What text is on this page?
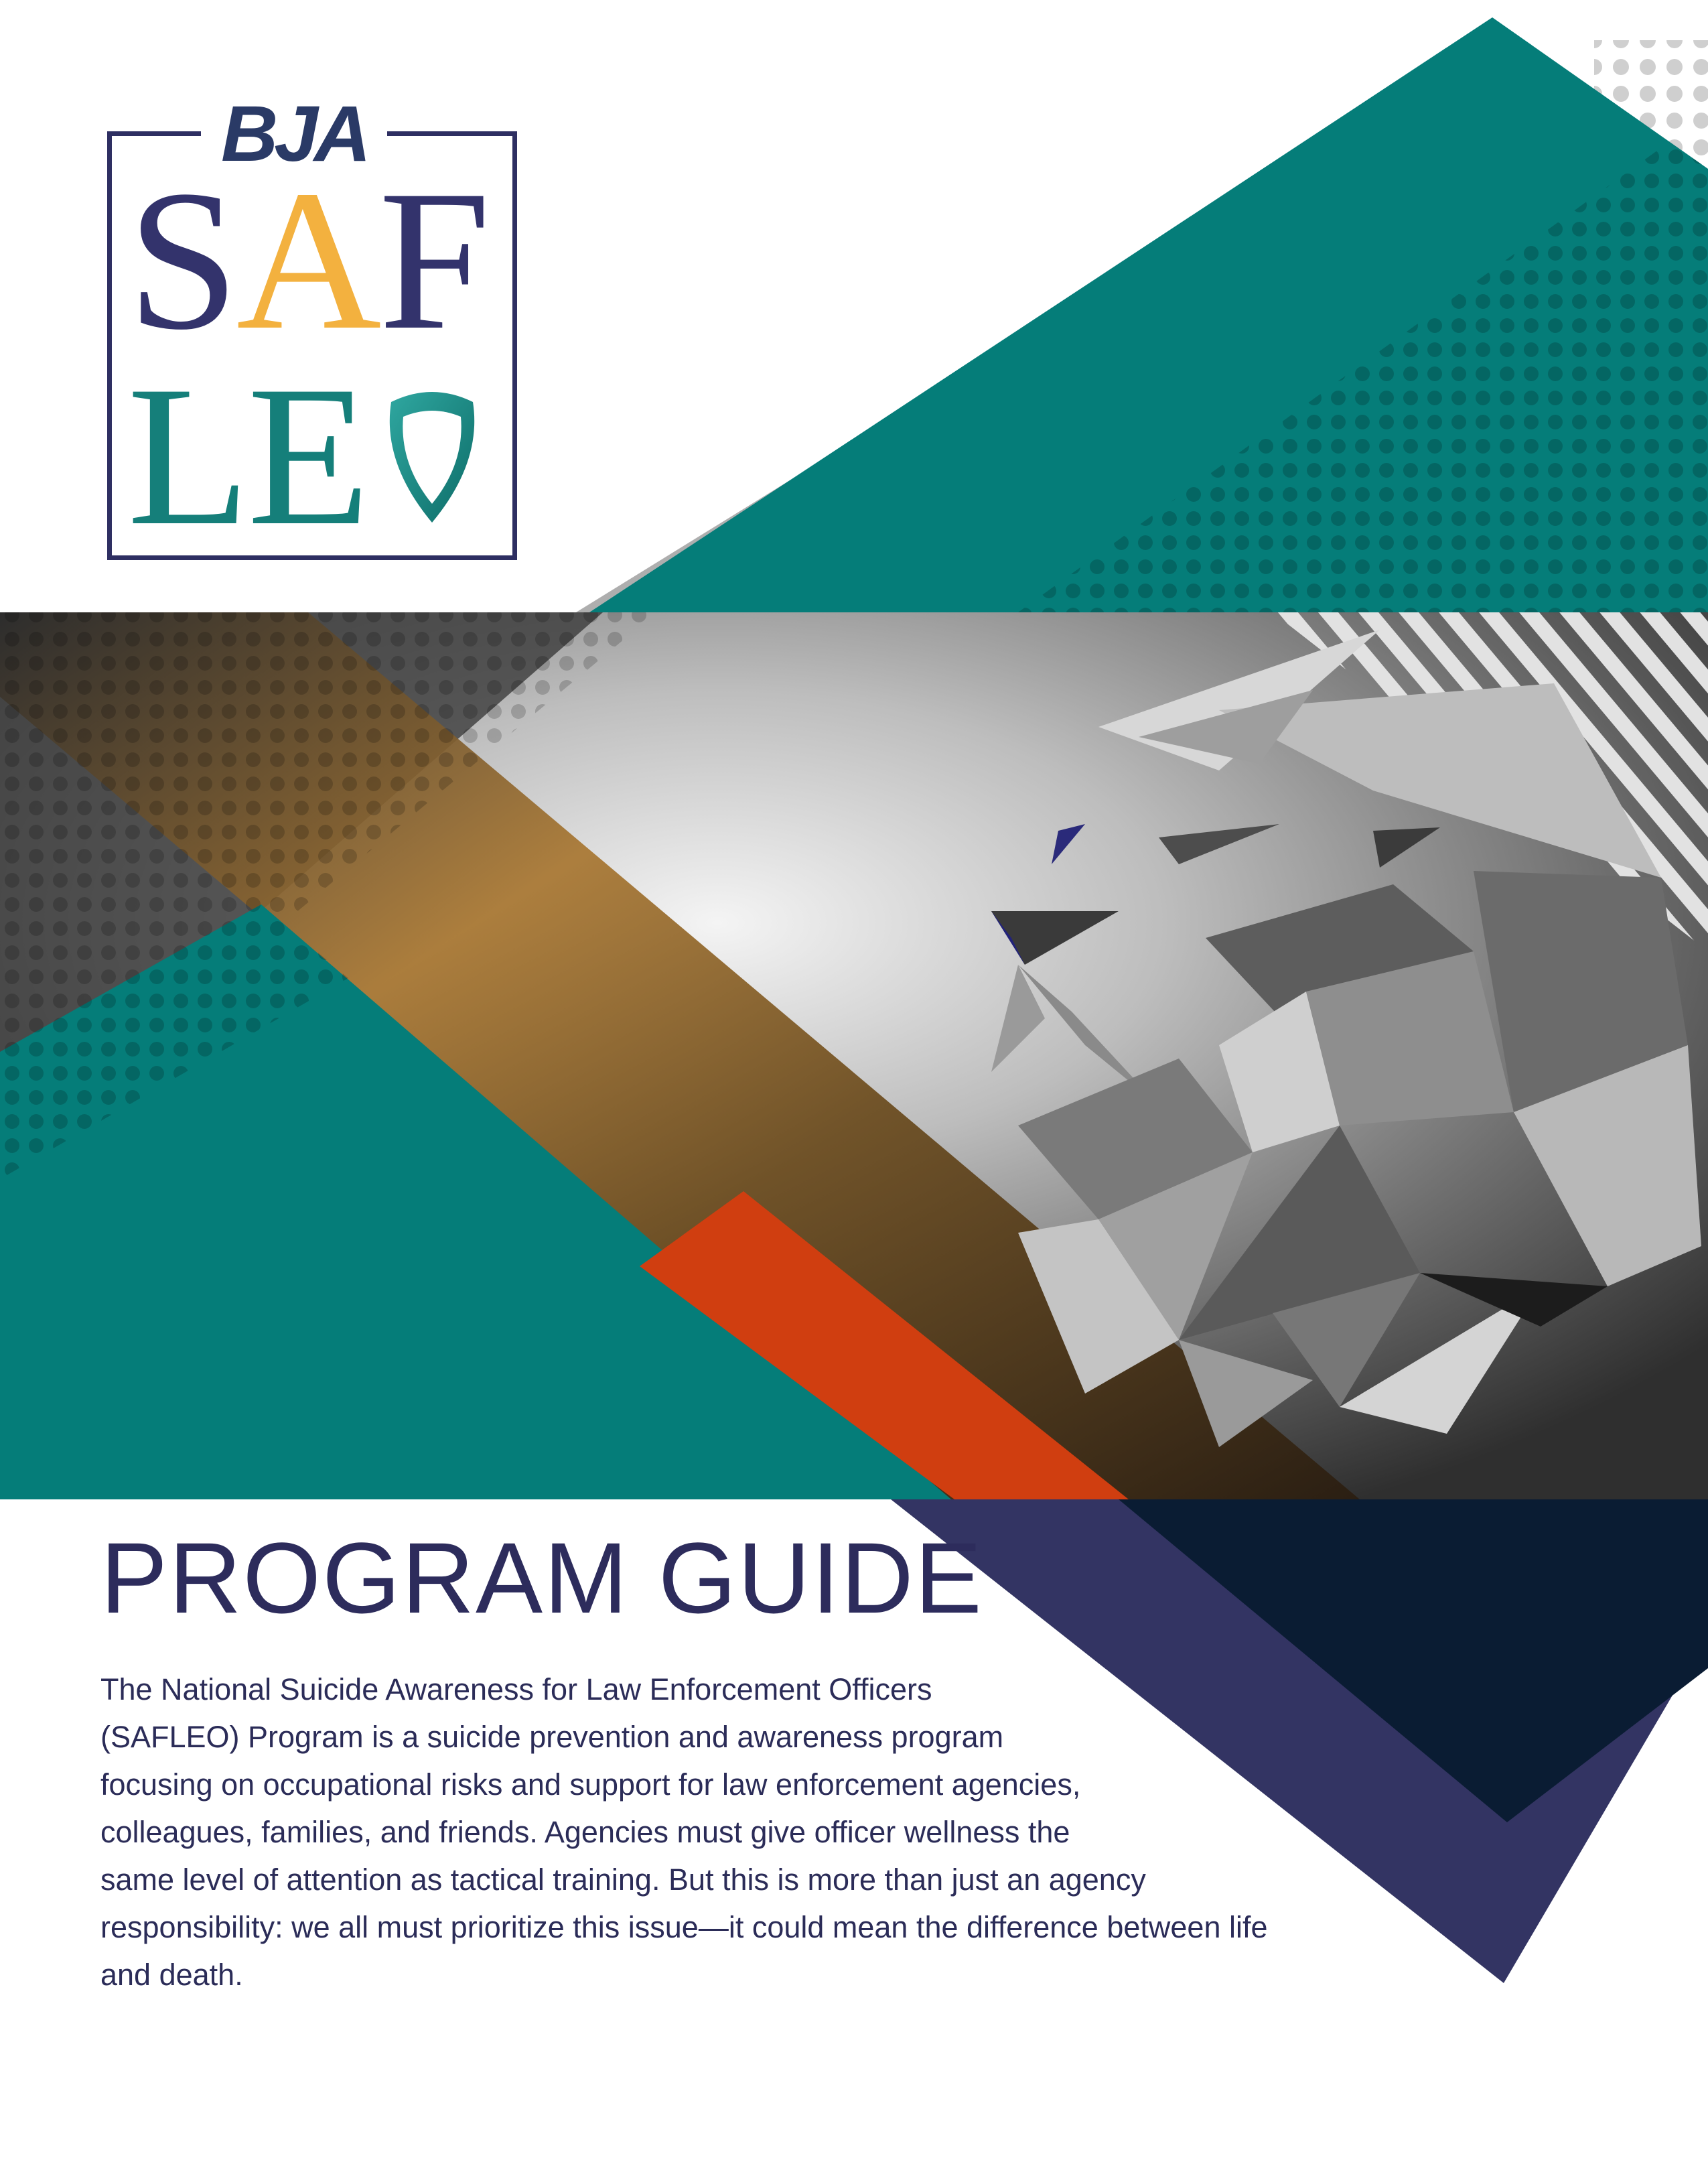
BJA
SAF
LE
PROGRAM GUIDE
The National Suicide Awareness for Law Enforcement Officers
(SAFLEO) Program is a suicide prevention and awareness program
focusing on occupational risks and support for law enforcement agencies,
colleagues, families, and friends. Agencies must give officer wellness the
same level of attention as tactical training. But this is more than just an agency
responsibility: we all must prioritize this issue—it could mean the difference between life
and death.
